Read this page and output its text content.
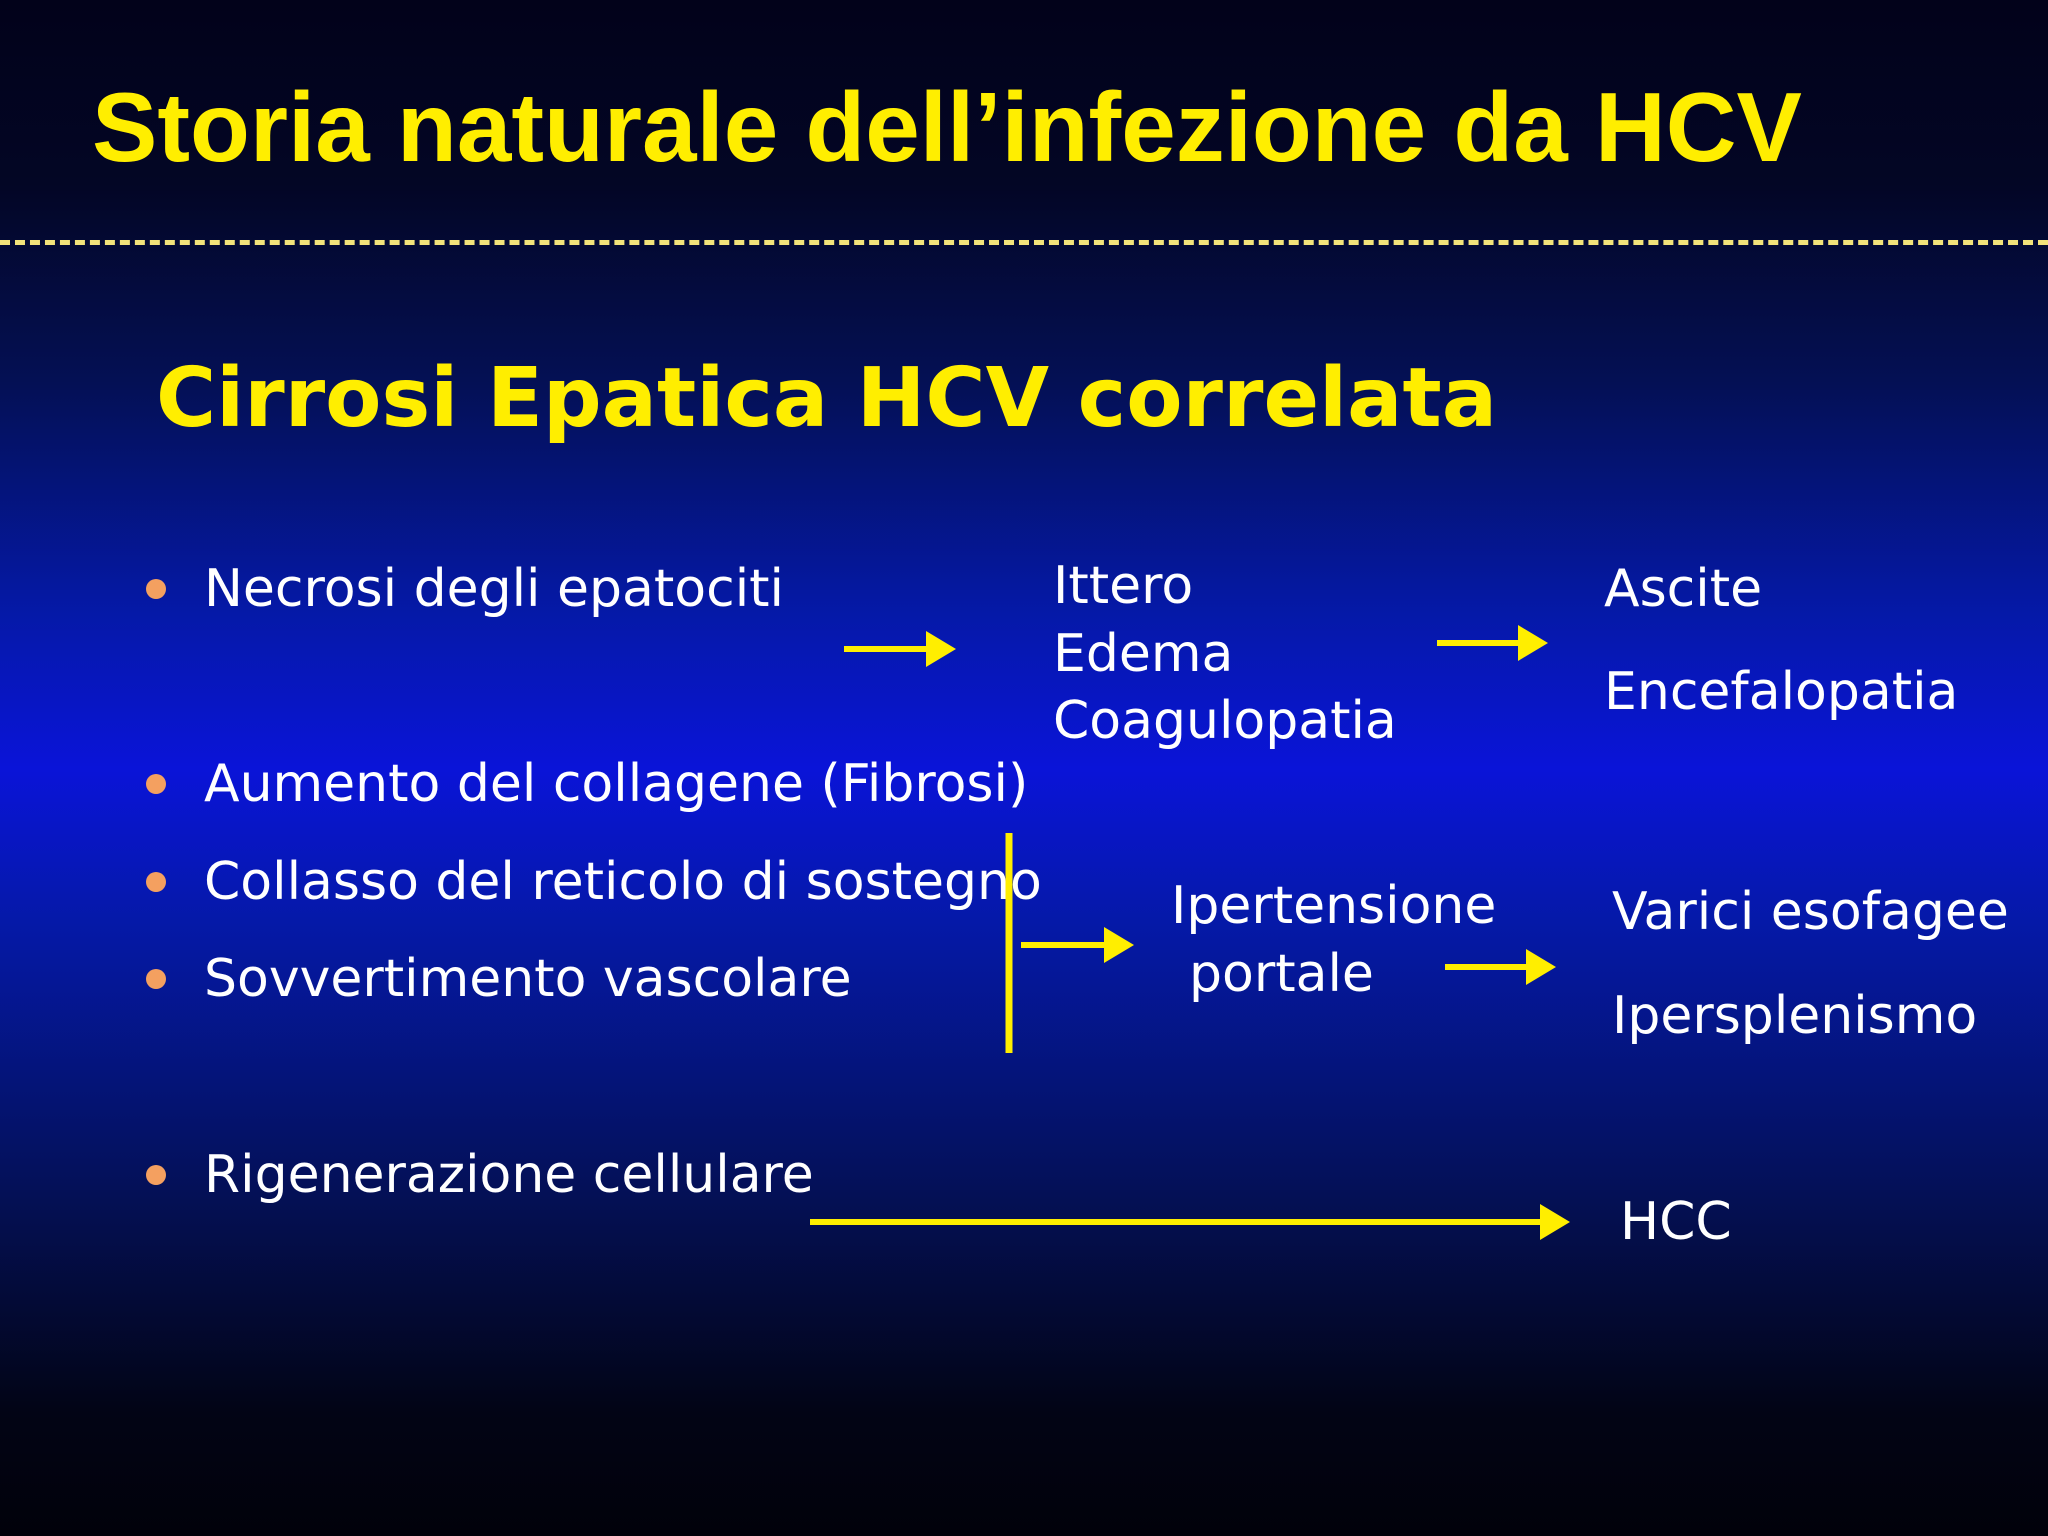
Storia naturale dell’infezione da HCV
Cirrosi Epatica HCV correlata
Necrosi degli epatociti
Aumento del collagene (Fibrosi)
Collasso del reticolo di sostegno
Sovvertimento vascolare
Rigenerazione cellulare
Ittero
Edema
Coagulopatia
Ascite
Encefalopatia
Ipertensione
portale
Varici esofagee
Ipersplenismo
HCC
